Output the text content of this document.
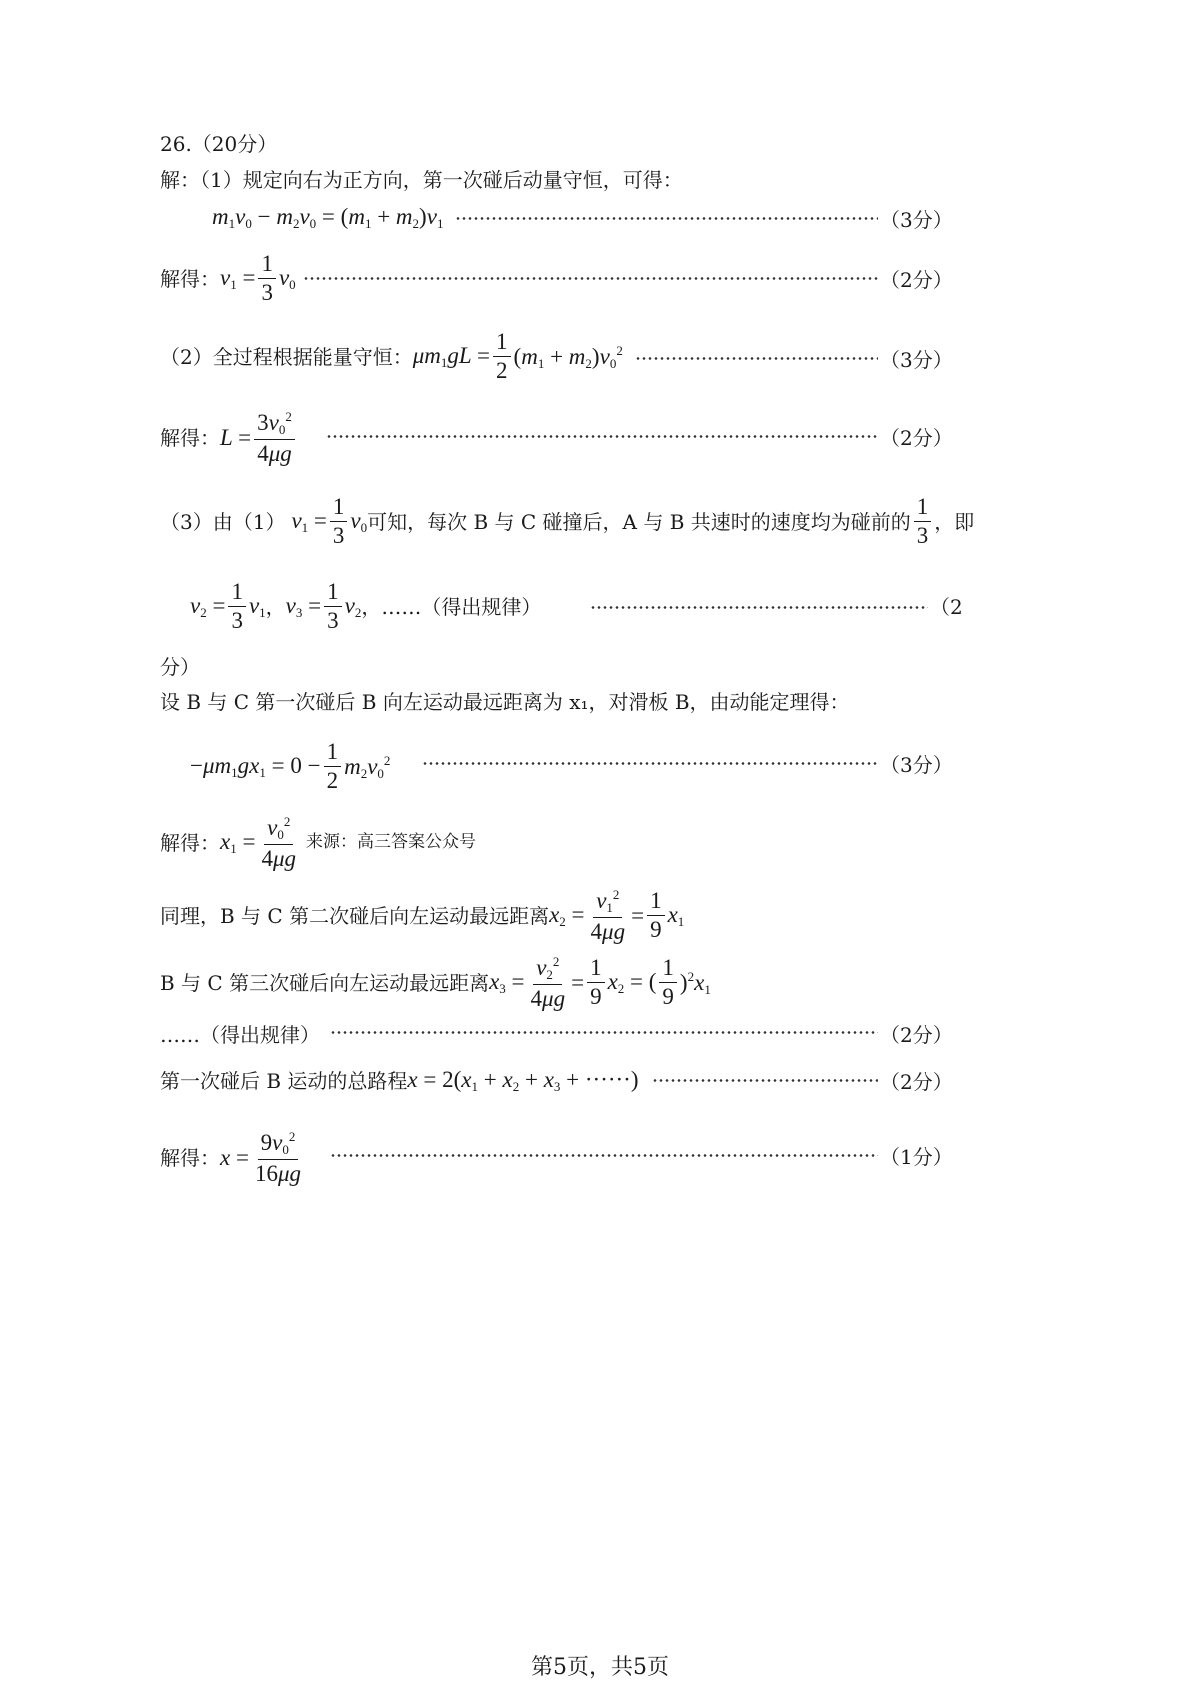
26.（20分）
解：（1）规定向右为正方向，第一次碰后动量守恒，可得：
$m_1v_0 - m_2v_0 = (m_1 + m_2)v_1$	（3分）
解得： $v_1 = \frac{1}{3} v_0$	（2分）
（2）全过程根据能量守恒： $\mu m_1gL = \frac{1}{2} (m_1 + m_2)v_0^2$	（3分）
解得： $L = \frac{3v_0^2}{4\mu g}$	（2分）
（3）由（1） $v_1 = \frac{1}{3} v_0$ 可知，每次 B 与 C 碰撞后，A 与 B 共速时的速度均为碰前的 $\frac{1}{3}$ ，即
$v_2 = \frac{1}{3} v_1$ ， $v_3 = \frac{1}{3} v_2$ ， ……（得出规律）	（2
分）
设 B 与 C 第一次碰后 B 向左运动最远距离为 x₁，对滑板 B，由动能定理得：
$-\mu m_1gx_1 = 0 - \frac{1}{2} m_2v_0^2$	（3分）
解得： $x_1 = \frac{v_0^2}{4\mu g}$ 来源：高三答案公众号
同理，B 与 C 第二次碰后向左运动最远距离 $x_2 = \frac{v_1^2}{4\mu g} = \frac{1}{9} x_1$
B 与 C 第三次碰后向左运动最远距离 $x_3 = \frac{v_2^2}{4\mu g} = \frac{1}{9} x_2$ = ( $\frac{1}{9} )^2x_1$
……（得出规律）	（2分）
第一次碰后 B 运动的总路程 $x = 2(x_1 + x_2 + x_3$ + ······)	（2分）
解得： $x = \frac{9v_0^2}{16\mu g}$	（1分）
第5页，共5页
